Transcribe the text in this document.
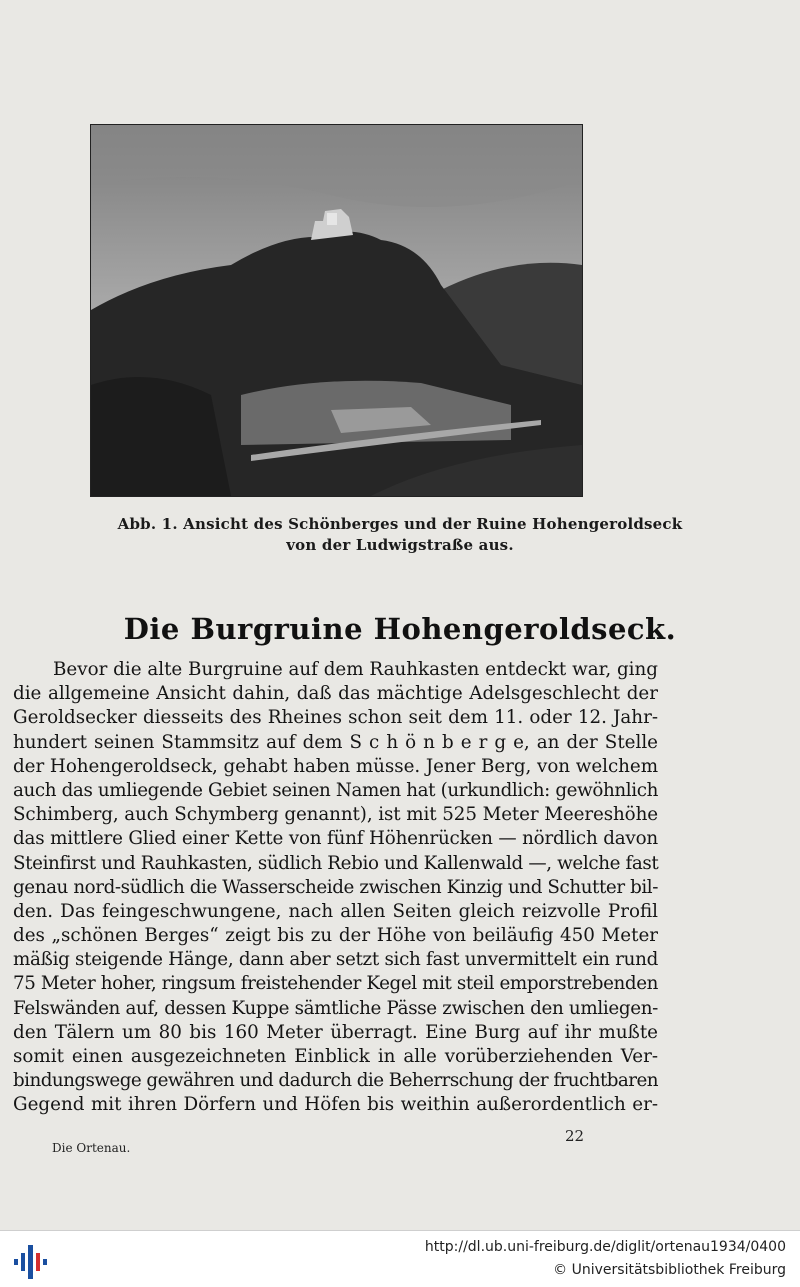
Abb. 1. Ansicht des Schönberges und der Ruine Hohengeroldseck
von der Ludwigstraße aus.
Die Burgruine Hohengeroldseck.
Bevor die alte Burgruine auf dem Rauhkasten entdeckt war, ging
die allgemeine Ansicht dahin, daß das mächtige Adelsgeschlecht der
Geroldsecker diesseits des Rheines schon seit dem 11. oder 12. Jahr-
hundert seinen Stammsitz auf dem S c h ö n b e r g e, an der Stelle
der Hohengeroldseck, gehabt haben müsse. Jener Berg, von welchem
auch das umliegende Gebiet seinen Namen hat (urkundlich: gewöhnlich
Schimberg, auch Schymberg genannt), ist mit 525 Meter Meereshöhe
das mittlere Glied einer Kette von fünf Höhenrücken — nördlich davon
Steinfirst und Rauhkasten, südlich Rebio und Kallenwald —, welche fast
genau nord-südlich die Wasserscheide zwischen Kinzig und Schutter bil-
den. Das feingeschwungene, nach allen Seiten gleich reizvolle Profil
des „schönen Berges“ zeigt bis zu der Höhe von beiläufig 450 Meter
mäßig steigende Hänge, dann aber setzt sich fast unvermittelt ein rund
75 Meter hoher, ringsum freistehender Kegel mit steil emporstrebenden
Felswänden auf, dessen Kuppe sämtliche Pässe zwischen den umliegen-
den Tälern um 80 bis 160 Meter überragt. Eine Burg auf ihr mußte
somit einen ausgezeichneten Einblick in alle vorüberziehenden Ver-
bindungswege gewähren und dadurch die Beherrschung der fruchtbaren
Gegend mit ihren Dörfern und Höfen bis weithin außerordentlich er-
Die Ortenau.
22
http://dl.ub.uni-freiburg.de/diglit/ortenau1934/0400
© Universitätsbibliothek Freiburg
